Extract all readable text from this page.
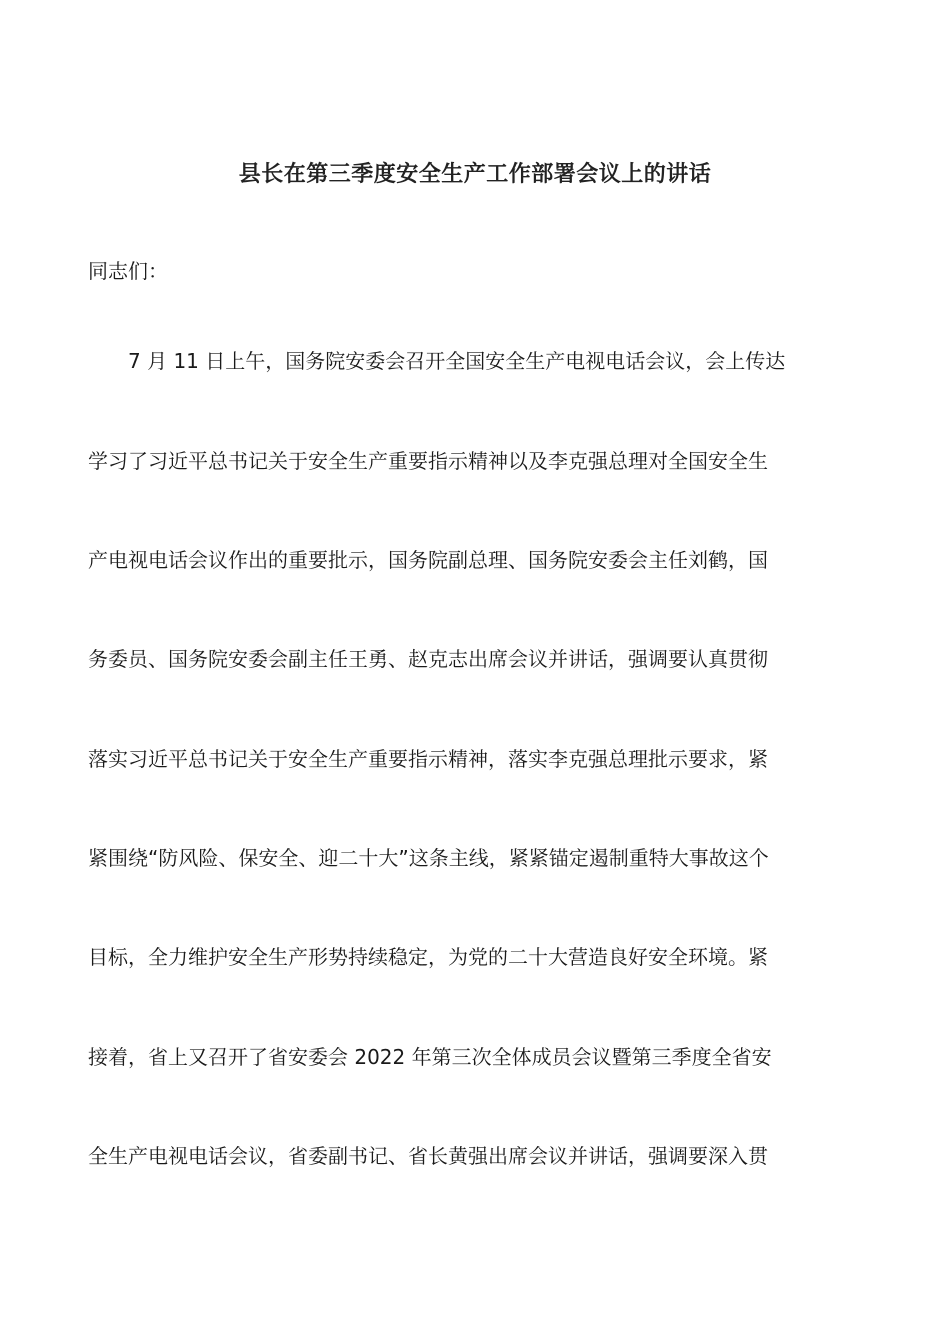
县长在第三季度安全生产工作部署会议上的讲话
同志们：
7 月 11 日上午，国务院安委会召开全国安全生产电视电话会议，会上传达
学习了习近平总书记关于安全生产重要指示精神以及李克强总理对全国安全生
产电视电话会议作出的重要批示，国务院副总理、国务院安委会主任刘鹤，国
务委员、国务院安委会副主任王勇、赵克志出席会议并讲话，强调要认真贯彻
落实习近平总书记关于安全生产重要指示精神，落实李克强总理批示要求，紧
紧围绕“防风险、保安全、迎二十大”这条主线，紧紧锚定遏制重特大事故这个
目标，全力维护安全生产形势持续稳定，为党的二十大营造良好安全环境。紧
接着，省上又召开了省安委会 2022 年第三次全体成员会议暨第三季度全省安
全生产电视电话会议，省委副书记、省长黄强出席会议并讲话，强调要深入贯
